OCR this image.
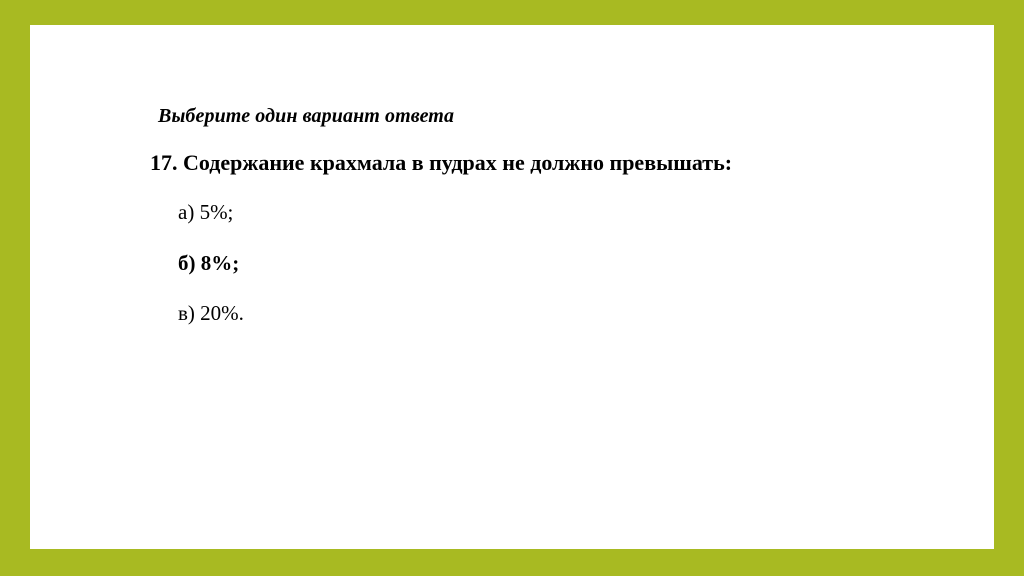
Выберите один вариант ответа

17. Содержание крахмала в пудрах не должно превышать:

а) 5%;
б) 8%;
в) 20%.
